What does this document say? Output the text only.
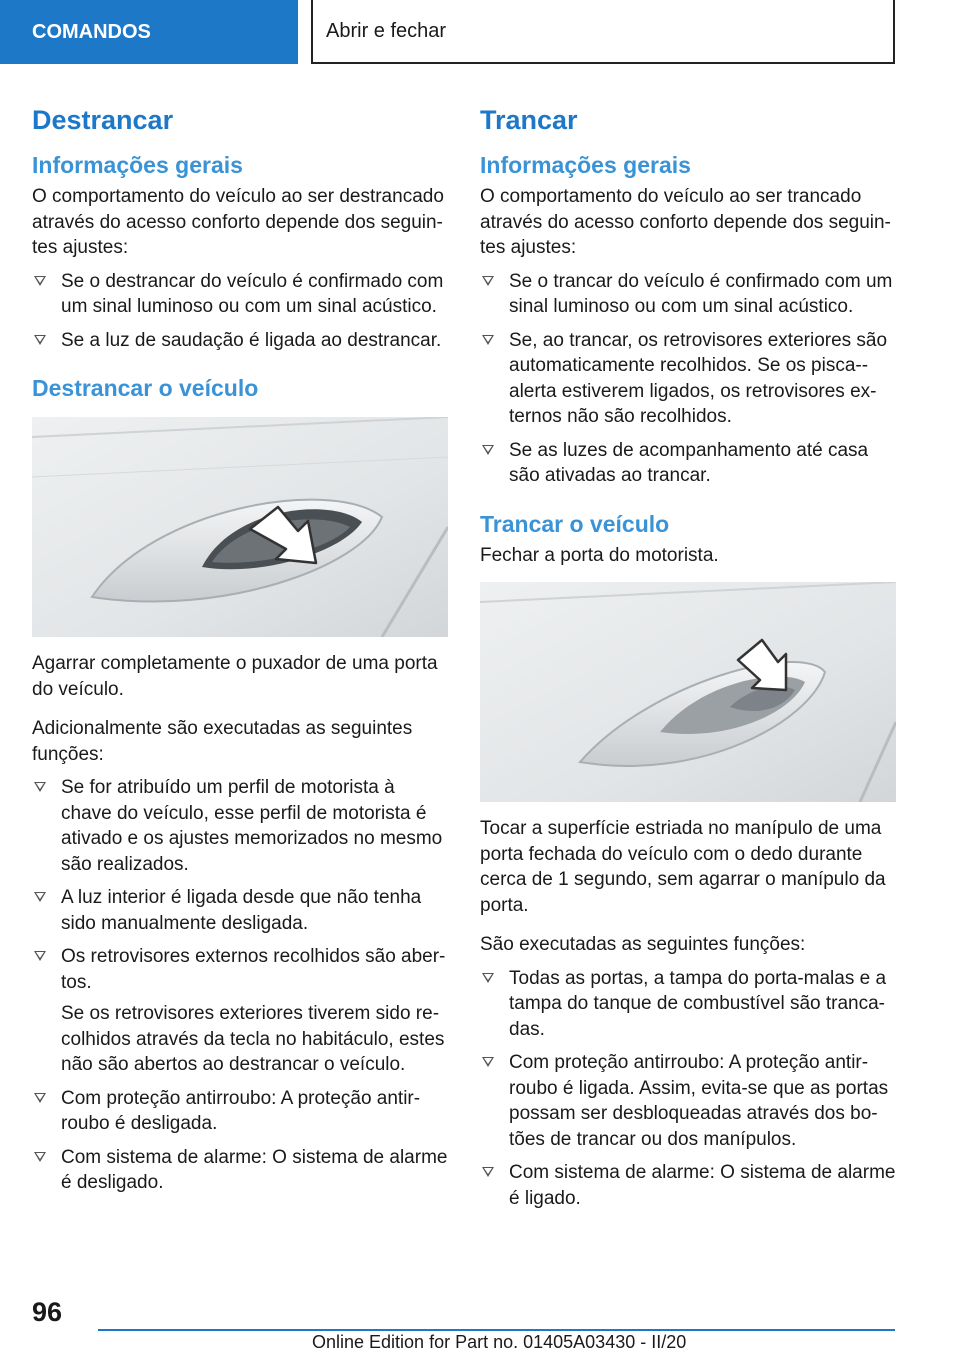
COMANDOS	Abrir e fechar
Destrancar
Informações gerais

O comportamento do veículo ao ser destrancado através do acesso conforto depende dos seguin-tes ajustes:

Se o destrancar do veículo é confirmado com um sinal luminoso ou com um sinal acústico.
Se a luz de saudação é ligada ao destrancar.
Destrancar o veículo

Agarrar completamente o puxador de uma porta do veículo.

Adicionalmente são executadas as seguintes funções:

Se for atribuído um perfil de motorista à chave do veículo, esse perfil de motorista é ativado e os ajustes memorizados no mesmo são realizados.
A luz interior é ligada desde que não tenha sido manualmente desligada.
Os retrovisores externos recolhidos são aber-tos.
Se os retrovisores exteriores tiverem sido re-colhidos através da tecla no habitáculo, estes não são abertos ao destrancar o veículo.
Com proteção antirroubo: A proteção antir-roubo é desligada.
Com sistema de alarme: O sistema de alarme é desligado.
Trancar
Informações gerais

O comportamento do veículo ao ser trancado através do acesso conforto depende dos seguin-tes ajustes:

Se o trancar do veículo é confirmado com um sinal luminoso ou com um sinal acústico.
Se, ao trancar, os retrovisores exteriores são automaticamente recolhidos. Se os pisca--alerta estiverem ligados, os retrovisores ex-ternos não são recolhidos.
Se as luzes de acompanhamento até casa são ativadas ao trancar.
Trancar o veículo

Fechar a porta do motorista.

Tocar a superfície estriada no manípulo de uma porta fechada do veículo com o dedo durante cerca de 1 segundo, sem agarrar o manípulo da porta.

São executadas as seguintes funções:

Todas as portas, a tampa do porta-malas e a tampa do tanque de combustível são tranca-das.
Com proteção antirroubo: A proteção antir-roubo é ligada. Assim, evita-se que as portas possam ser desbloqueadas através dos bo-tões de trancar ou dos manípulos.
Com sistema de alarme: O sistema de alarme é ligado.
96
Online Edition for Part no. 01405A03430 - II/20
